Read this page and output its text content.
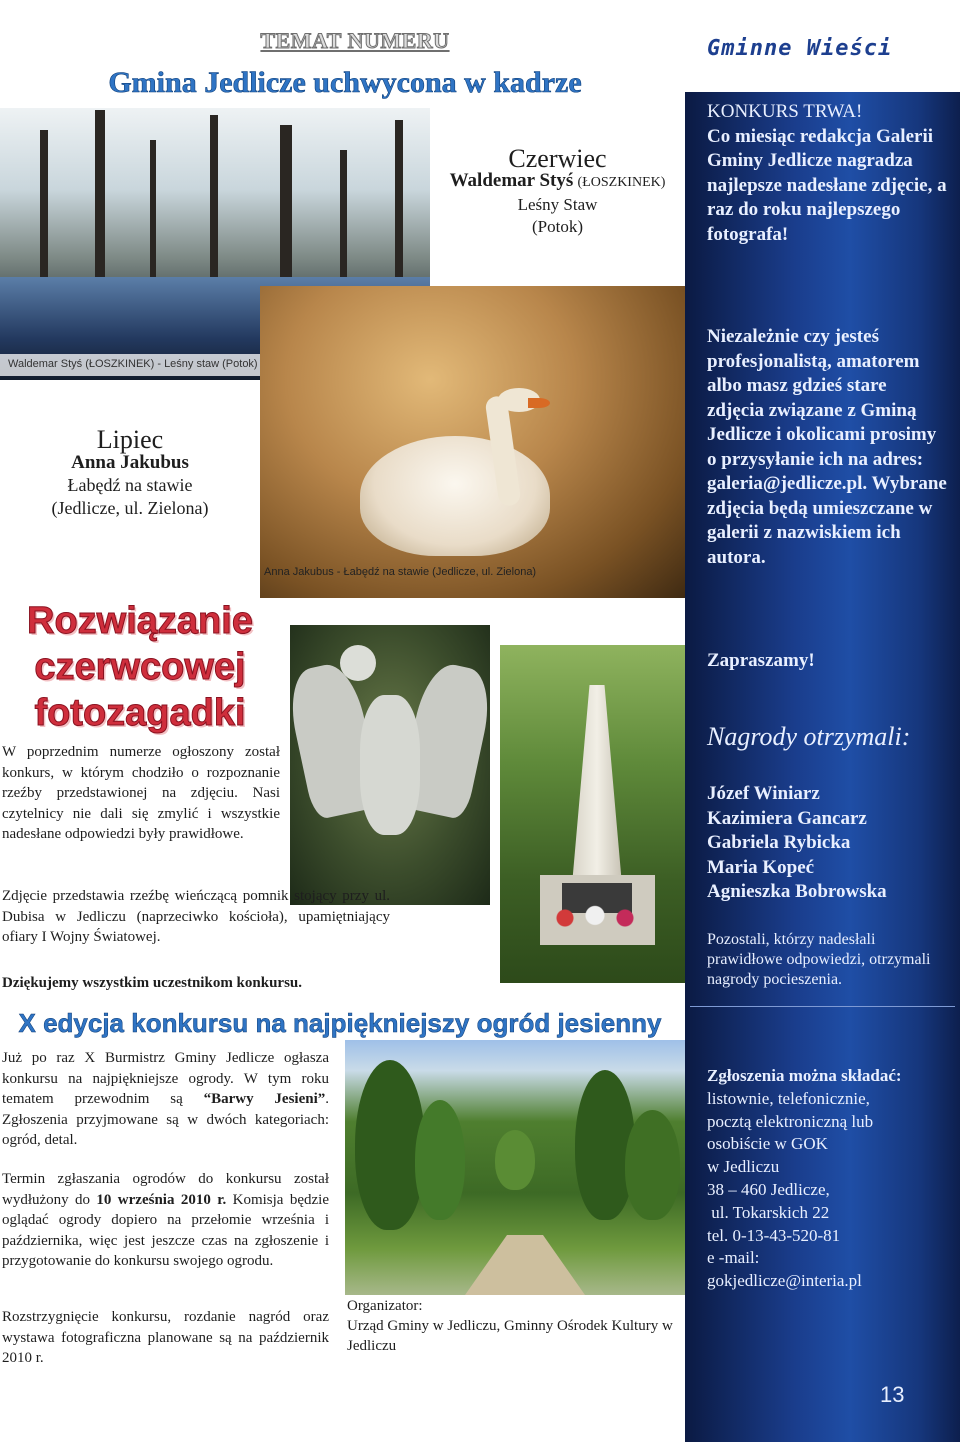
TEMAT NUMERU
Gmina Jedlicze uchwycona w kadrze
Waldemar Styś (ŁOSZKINEK) - Leśny staw (Potok)
Czerwiec
Waldemar Styś (ŁOSZKINEK)
Leśny Staw
(Potok)
Anna Jakubus - Łabędź na stawie (Jedlicze, ul. Zielona)
Lipiec
Anna Jakubus
Łabędź na stawie
(Jedlicze, ul. Zielona)
Rozwiązanie
czerwcowej
fotozagadki
W poprzednim numerze ogłoszony został konkurs, w którym chodziło o rozpoznanie rzeźby przedstawionej na zdjęciu. Nasi czytelnicy nie dali się zmylić i wszystkie nadesłane odpowiedzi były prawidłowe.
Zdjęcie przedstawia rzeźbę wieńczącą pomnik stojący przy ul. Dubisa w Jedliczu (naprzeciwko kościoła), upamiętniający ofiary I Wojny Światowej.
Dziękujemy wszystkim uczestnikom konkursu.
X edycja konkursu na najpiękniejszy ogród jesienny
Już po raz X Burmistrz Gminy Jedlicze ogłasza konkursu na najpiękniejsze ogrody. W tym roku tematem przewodnim są “Barwy Jesieni”. Zgłoszenia przyjmowane są w dwóch kategoriach: ogród, detal.
Termin zgłaszania ogrodów do konkursu został wydłużony do 10 września 2010 r. Komisja będzie oglądać ogrody dopiero na przełomie września i października, więc jest jeszcze czas na zgłoszenie i przygotowanie do konkursu swojego ogrodu.
Rozstrzygnięcie konkursu, rozdanie nagród oraz wystawa fotograficzna planowane są na październik 2010 r.
Organizator:
Urząd Gminy w Jedliczu, Gminny Ośrodek Kultury w Jedliczu
Gminne Wieści
KONKURS TRWA!
Co miesiąc redakcja Galerii Gminy Jedlicze nagradza najlepsze nadesłane zdjęcie, a raz do roku najlepszego fotografa!
Niezależnie czy jesteś profesjonalistą, amatorem albo masz gdzieś stare zdjęcia związane z Gminą Jedlicze i okolicami prosimy o przysyłanie ich na adres: galeria@jedlicze.pl. Wybrane zdjęcia będą umieszczane w galerii z nazwiskiem ich autora.
Zapraszamy!
Nagrody otrzymali:
Józef Winiarz
Kazimiera Gancarz
Gabriela Rybicka
Maria Kopeć
Agnieszka Bobrowska
Pozostali, którzy nadesłali prawidłowe odpowiedzi, otrzymali nagrody pocieszenia.
Zgłoszenia można składać:
listownie, telefonicznie,
pocztą elektroniczną lub
osobiście w GOK
w Jedliczu
38 – 460 Jedlicze,
ul. Tokarskich 22
tel. 0-13-43-520-81
e -mail:
gokjedlicze@interia.pl
13
